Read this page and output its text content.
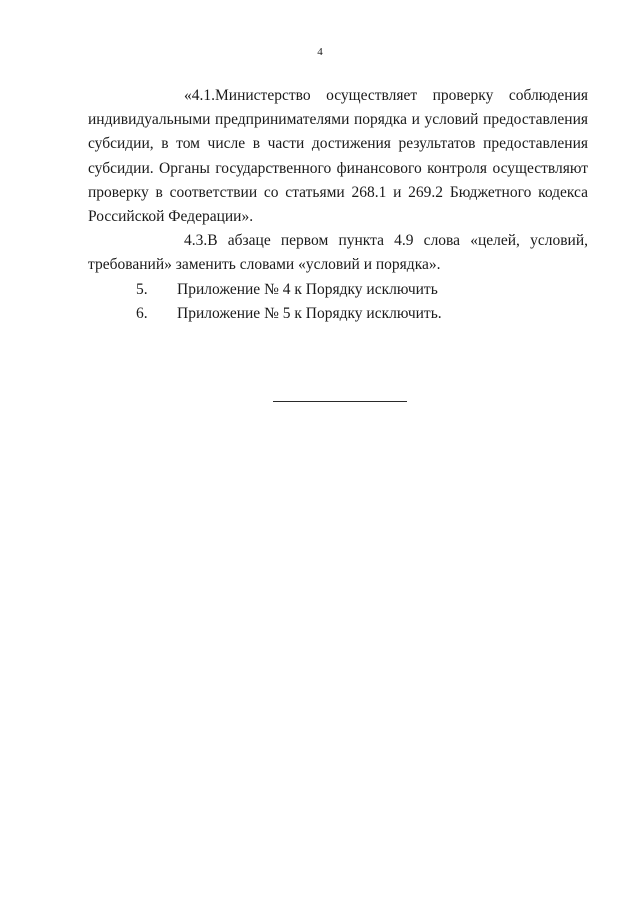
4

«4.1.Министерство осуществляет проверку соблюдения индивидуальными предпринимателями порядка и условий предоставления субсидии, в том числе в части достижения результатов предоставления субсидии. Органы государственного финансового контроля осуществляют проверку в соответствии со статьями 268.1 и 269.2 Бюджетного кодекса Российской Федерации».

4.3.В абзаце первом пункта 4.9 слова «целей, условий, требований» заменить словами «условий и порядка».

5. Приложение № 4 к Порядку исключить

6. Приложение № 5 к Порядку исключить.
